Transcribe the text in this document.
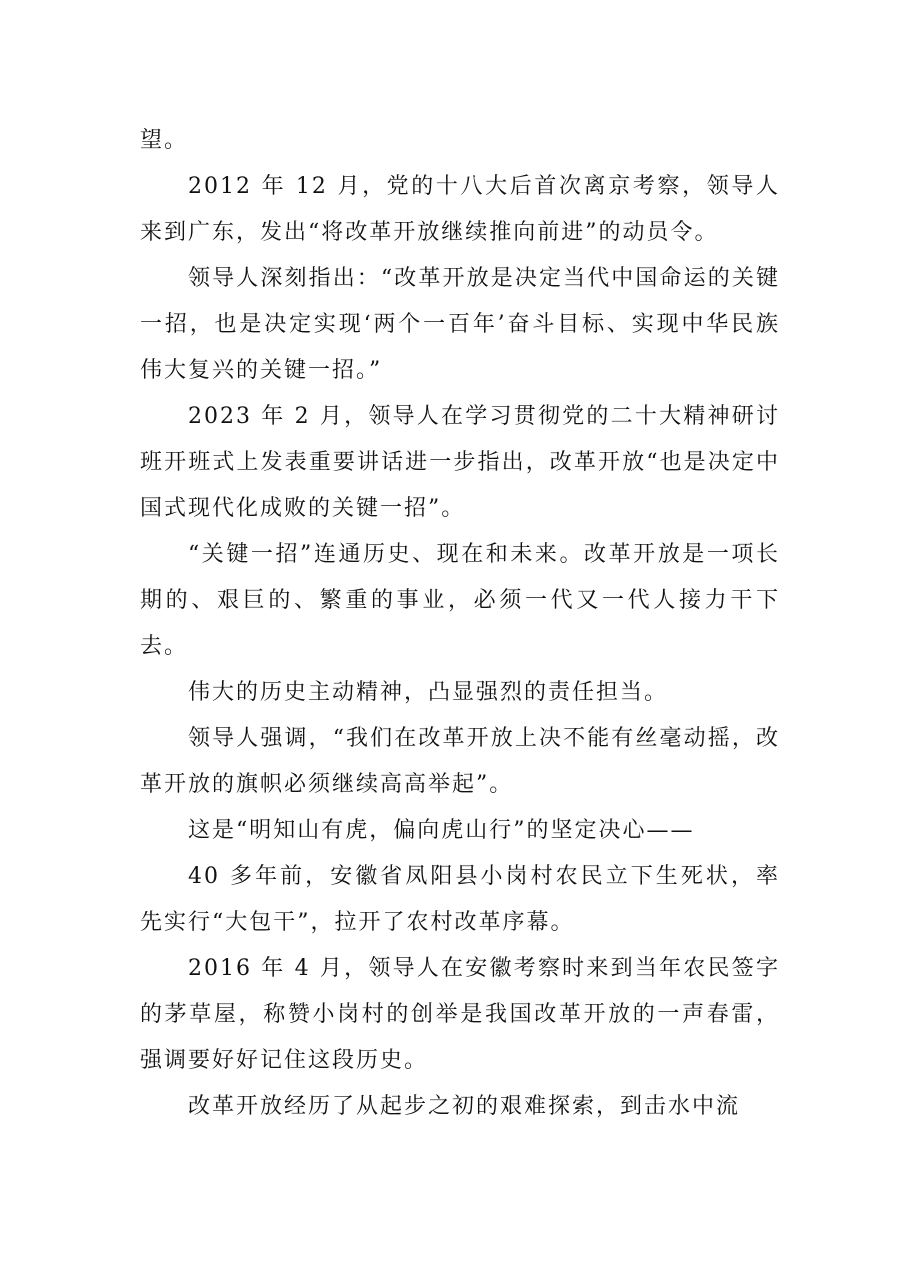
望。

2012 年 12 月，党的十八大后首次离京考察，领导人来到广东，发出“将改革开放继续推向前进”的动员令。

领导人深刻指出：“改革开放是决定当代中国命运的关键一招，也是决定实现‘两个一百年’奋斗目标、实现中华民族伟大复兴的关键一招。”

2023 年 2 月，领导人在学习贯彻党的二十大精神研讨班开班式上发表重要讲话进一步指出，改革开放“也是决定中国式现代化成败的关键一招”。

“关键一招”连通历史、现在和未来。改革开放是一项长期的、艰巨的、繁重的事业，必须一代又一代人接力干下去。

伟大的历史主动精神，凸显强烈的责任担当。

领导人强调，“我们在改革开放上决不能有丝毫动摇，改革开放的旗帜必须继续高高举起”。

这是“明知山有虎，偏向虎山行”的坚定决心——

40 多年前，安徽省凤阳县小岗村农民立下生死状，率先实行“大包干”，拉开了农村改革序幕。

2016 年 4 月，领导人在安徽考察时来到当年农民签字的茅草屋，称赞小岗村的创举是我国改革开放的一声春雷，强调要好好记住这段历史。

改革开放经历了从起步之初的艰难探索，到击水中流
